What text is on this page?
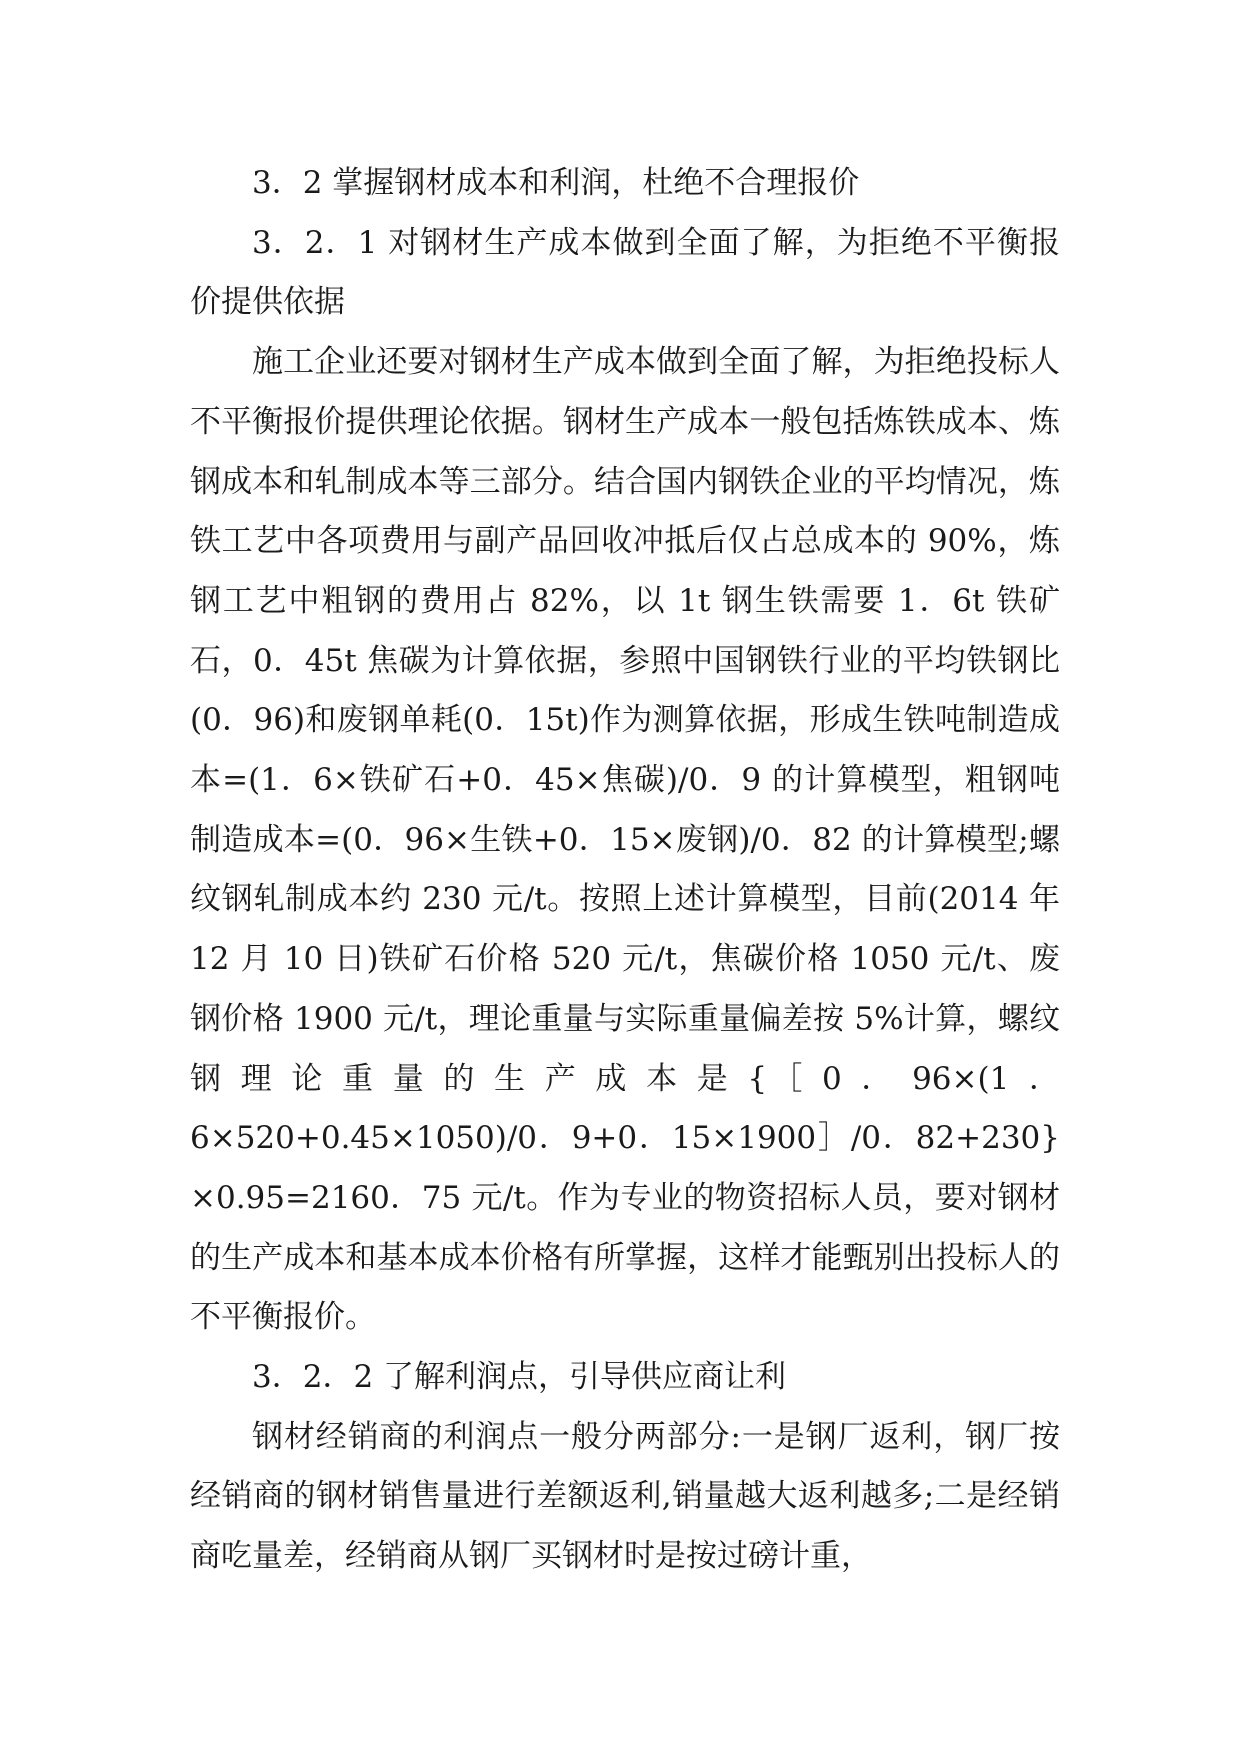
3．2 掌握钢材成本和利润，杜绝不合理报价

3．2．1 对钢材生产成本做到全面了解，为拒绝不平衡报价提供依据

施工企业还要对钢材生产成本做到全面了解，为拒绝投标人不平衡报价提供理论依据。钢材生产成本一般包括炼铁成本、炼钢成本和轧制成本等三部分。结合国内钢铁企业的平均情况，炼铁工艺中各项费用与副产品回收冲抵后仅占总成本的 90%，炼钢工艺中粗钢的费用占 82%，以 1t 钢生铁需要 1．6t 铁矿石，0．45t 焦碳为计算依据，参照中国钢铁行业的平均铁钢比(0．96)和废钢单耗(0．15t)作为测算依据，形成生铁吨制造成本=(1．6×铁矿石+0．45×焦碳)/0．9 的计算模型，粗钢吨制造成本=(0．96×生铁+0．15×废钢)/0．82 的计算模型;螺纹钢轧制成本约 230 元/t。按照上述计算模型，目前(2014 年 12 月 10 日)铁矿石价格 520 元/t，焦碳价格 1050 元/t、废钢价格 1900 元/t，理论重量与实际重量偏差按 5%计算，螺纹钢理论重量的生产成本是{［0．96×(1．6×520+0.45×1050)/0．9+0．15×1900］/0．82+230}×0.95=2160．75 元/t。作为专业的物资招标人员，要对钢材的生产成本和基本成本价格有所掌握，这样才能甄别出投标人的不平衡报价。

3．2．2 了解利润点，引导供应商让利

钢材经销商的利润点一般分两部分:一是钢厂返利，钢厂按经销商的钢材销售量进行差额返利,销量越大返利越多;二是经销商吃量差，经销商从钢厂买钢材时是按过磅计重，
